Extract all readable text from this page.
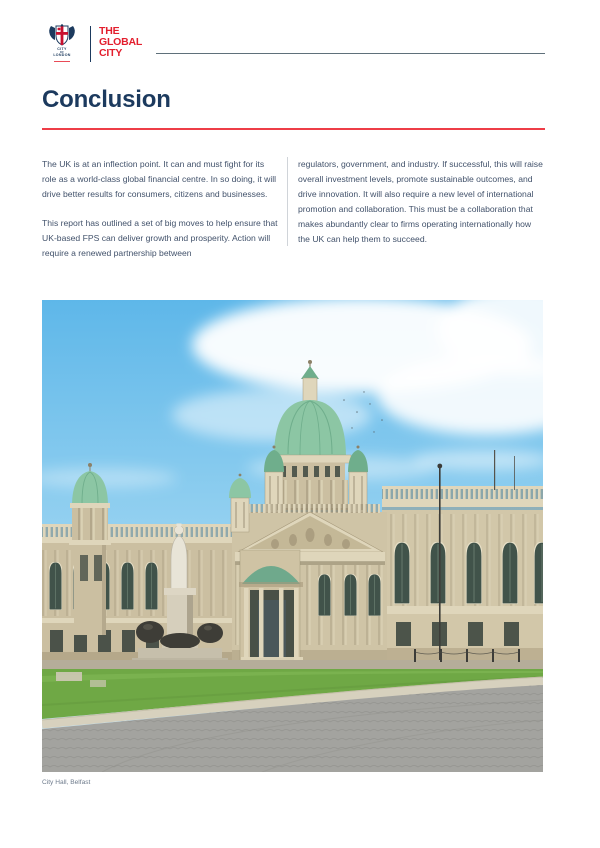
CITY
OF
LONDON
THE
GLOBAL
CITY
Conclusion

The UK is at an inflection point. It can and must fight for its role as a world-class global financial centre. In so doing, it will drive better results for consumers, citizens and businesses.

This report has outlined a set of big moves to help ensure that UK-based FPS can deliver growth and prosperity. Action will require a renewed partnership between

regulators, government, and industry. If successful, this will raise overall investment levels, promote sustainable outcomes, and drive innovation. It will also require a new level of international promotion and collaboration. This must be a collaboration that makes abundantly clear to firms operating internationally how the UK can help them to succeed.

City Hall, Belfast
